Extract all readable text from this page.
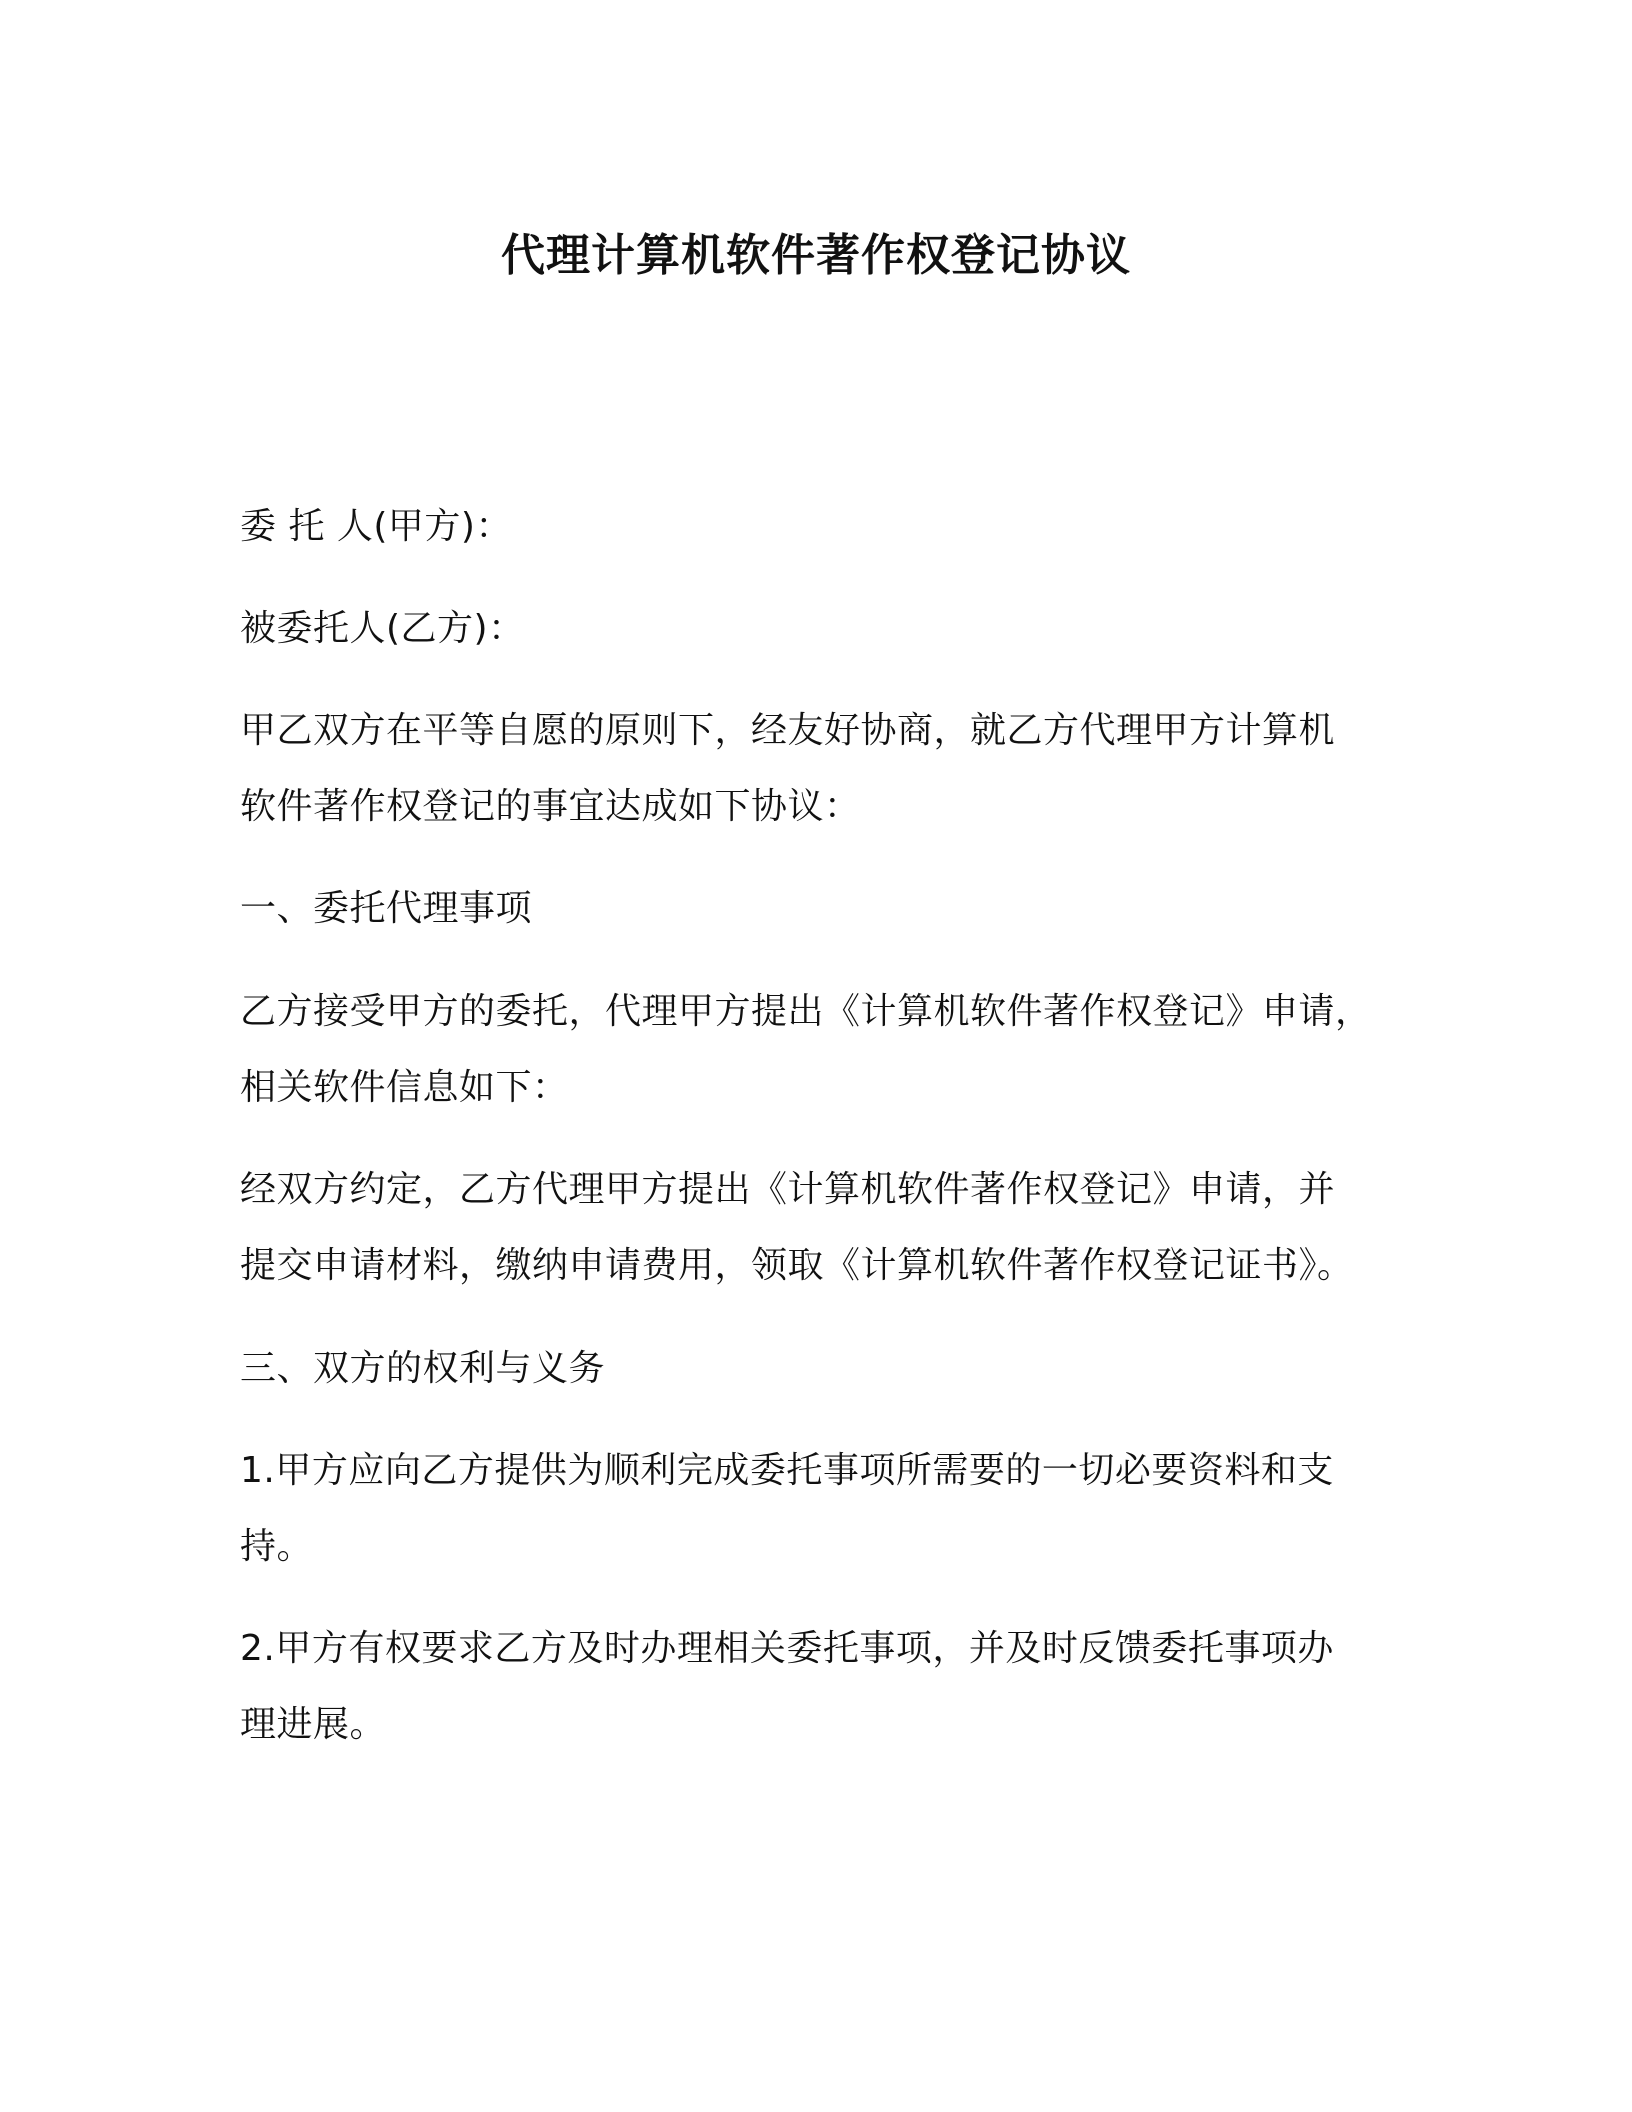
代理计算机软件著作权登记协议

委 托 人(甲方)：

被委托人(乙方)：

甲乙双方在平等自愿的原则下，经友好协商，就乙方代理甲方计算机

软件著作权登记的事宜达成如下协议：

一、委托代理事项

乙方接受甲方的委托，代理甲方提出《计算机软件著作权登记》申请，

相关软件信息如下：

经双方约定，乙方代理甲方提出《计算机软件著作权登记》申请，并

提交申请材料，缴纳申请费用，领取《计算机软件著作权登记证书》。

三、双方的权利与义务

1.甲方应向乙方提供为顺利完成委托事项所需要的一切必要资料和支

持。

2.甲方有权要求乙方及时办理相关委托事项，并及时反馈委托事项办

理进展。
